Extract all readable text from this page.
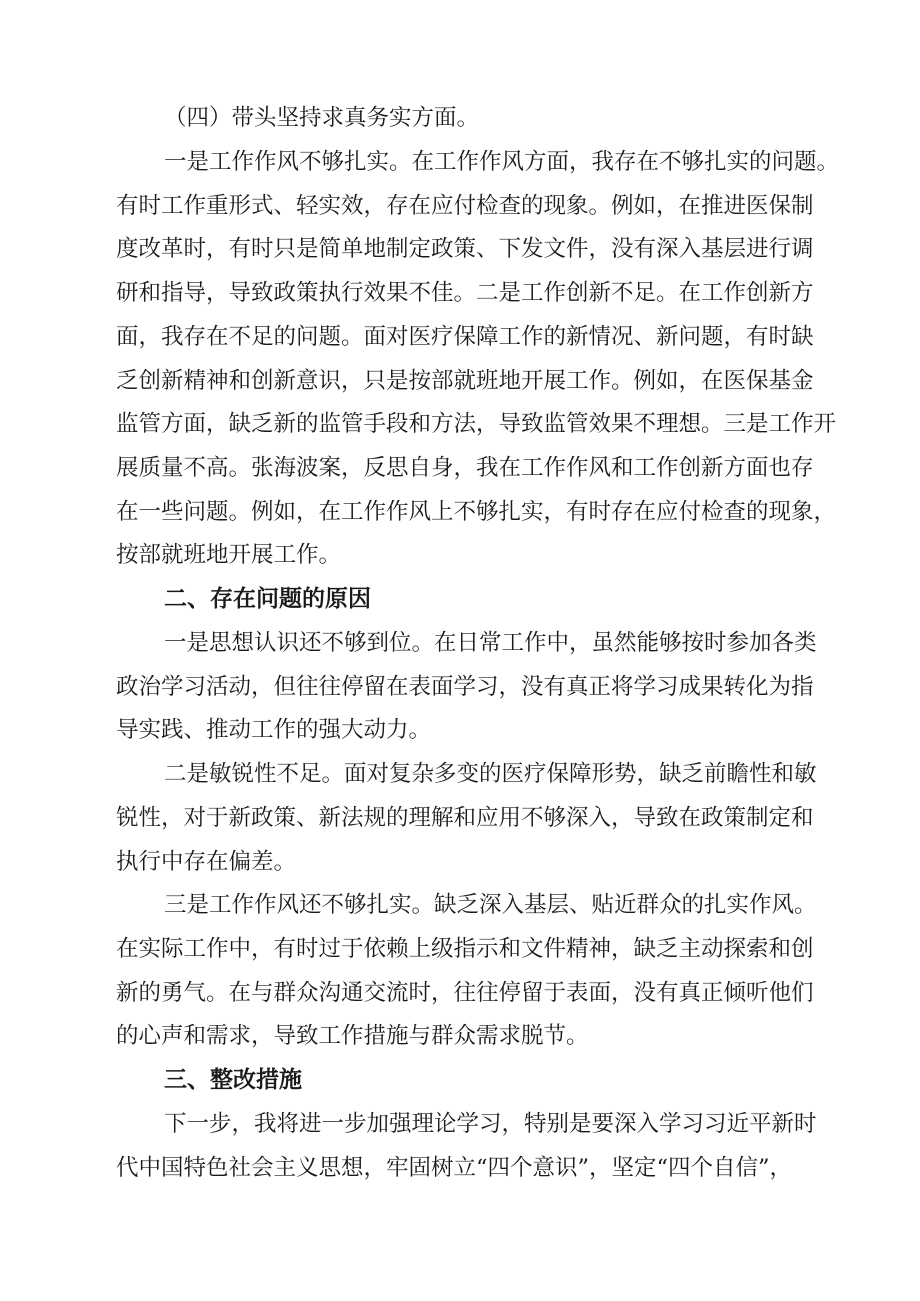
（四）带头坚持求真务实方面。
一是工作作风不够扎实。在工作作风方面，我存在不够扎实的问题。
有时工作重形式、轻实效，存在应付检查的现象。例如，在推进医保制
度改革时，有时只是简单地制定政策、下发文件，没有深入基层进行调
研和指导，导致政策执行效果不佳。二是工作创新不足。在工作创新方
面，我存在不足的问题。面对医疗保障工作的新情况、新问题，有时缺
乏创新精神和创新意识，只是按部就班地开展工作。例如，在医保基金
监管方面，缺乏新的监管手段和方法，导致监管效果不理想。三是工作开
展质量不高。张海波案，反思自身，我在工作作风和工作创新方面也存
在一些问题。例如，在工作作风上不够扎实，有时存在应付检查的现象，
按部就班地开展工作。
二、存在问题的原因
一是思想认识还不够到位。在日常工作中，虽然能够按时参加各类
政治学习活动，但往往停留在表面学习，没有真正将学习成果转化为指
导实践、推动工作的强大动力。
二是敏锐性不足。面对复杂多变的医疗保障形势，缺乏前瞻性和敏
锐性，对于新政策、新法规的理解和应用不够深入，导致在政策制定和
执行中存在偏差。
三是工作作风还不够扎实。缺乏深入基层、贴近群众的扎实作风。
在实际工作中，有时过于依赖上级指示和文件精神，缺乏主动探索和创
新的勇气。在与群众沟通交流时，往往停留于表面，没有真正倾听他们
的心声和需求，导致工作措施与群众需求脱节。
三、整改措施
下一步，我将进一步加强理论学习，特别是要深入学习习近平新时
代中国特色社会主义思想，牢固树立“四个意识”，坚定“四个自信”，
